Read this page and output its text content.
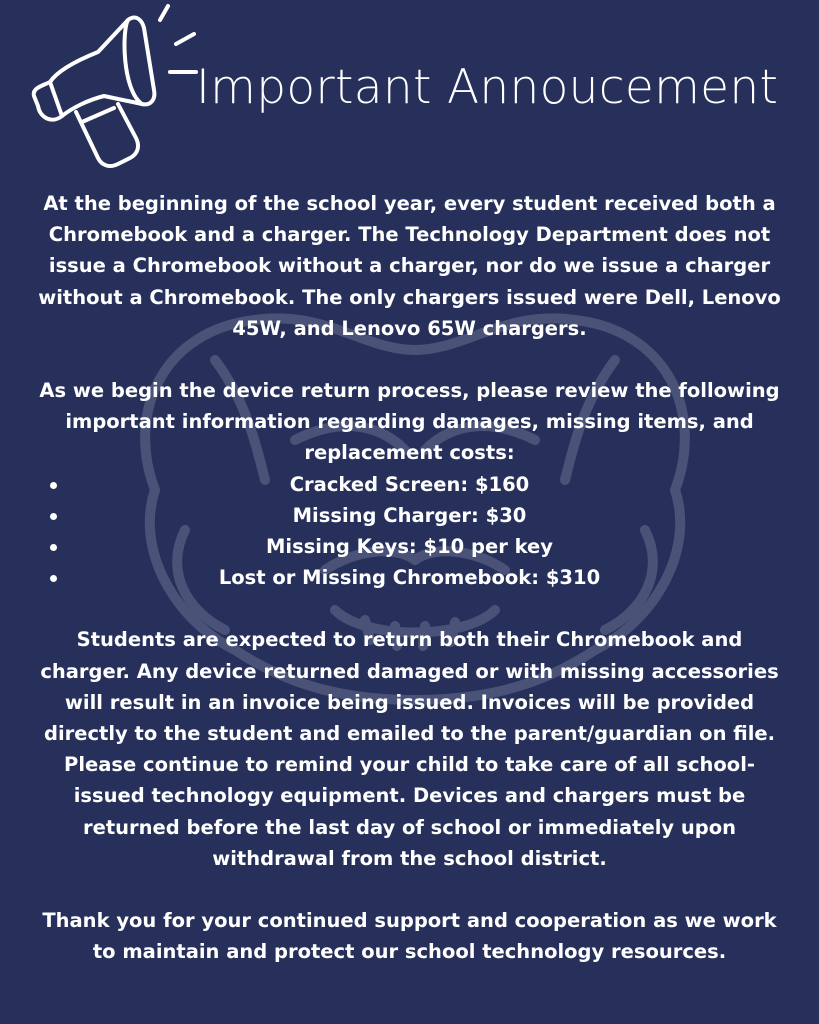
Important Annoucement

At the beginning of the school year, every student received both a Chromebook and a charger. The Technology Department does not issue a Chromebook without a charger, nor do we issue a charger without a Chromebook. The only chargers issued were Dell, Lenovo 45W, and Lenovo 65W chargers.

As we begin the device return process, please review the following important information regarding damages, missing items, and replacement costs:

Cracked Screen: $160
Missing Charger: $30
Missing Keys: $10 per key
Lost or Missing Chromebook: $310

Students are expected to return both their Chromebook and charger. Any device returned damaged or with missing accessories will result in an invoice being issued. Invoices will be provided directly to the student and emailed to the parent/guardian on file. Please continue to remind your child to take care of all school-issued technology equipment. Devices and chargers must be returned before the last day of school or immediately upon withdrawal from the school district.

Thank you for your continued support and cooperation as we work to maintain and protect our school technology resources.
